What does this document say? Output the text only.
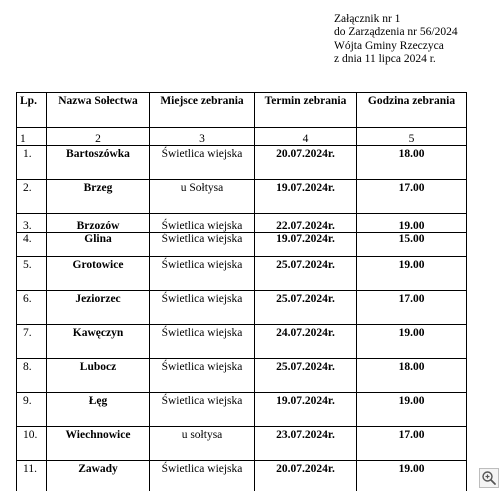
Załącznik nr 1
do Zarządzenia nr 56/2024
Wójta Gminy Rzeczyca
z dnia 11 lipca 2024 r.
Lp.	Nazwa Sołectwa	Miejsce zebrania	Termin zebrania	Godzina zebrania
1	2	3	4	5
1.	Bartoszówka	Świetlica wiejska	20.07.2024r.	18.00
2.	Brzeg	u Sołtysa	19.07.2024r.	17.00
3.	Brzozów	Świetlica wiejska	22.07.2024r.	19.00
4.	Glina	Świetlica wiejska	19.07.2024r.	15.00
5.	Grotowice	Świetlica wiejska	25.07.2024r.	19.00
6.	Jeziorzec	Świetlica wiejska	25.07.2024r.	17.00
7.	Kawęczyn	Świetlica wiejska	24.07.2024r.	19.00
8.	Lubocz	Świetlica wiejska	25.07.2024r.	18.00
9.	Łęg	Świetlica wiejska	19.07.2024r.	19.00
10.	Wiechnowice	u sołtysa	23.07.2024r.	17.00
11.	Zawady	Świetlica wiejska	20.07.2024r.	19.00
